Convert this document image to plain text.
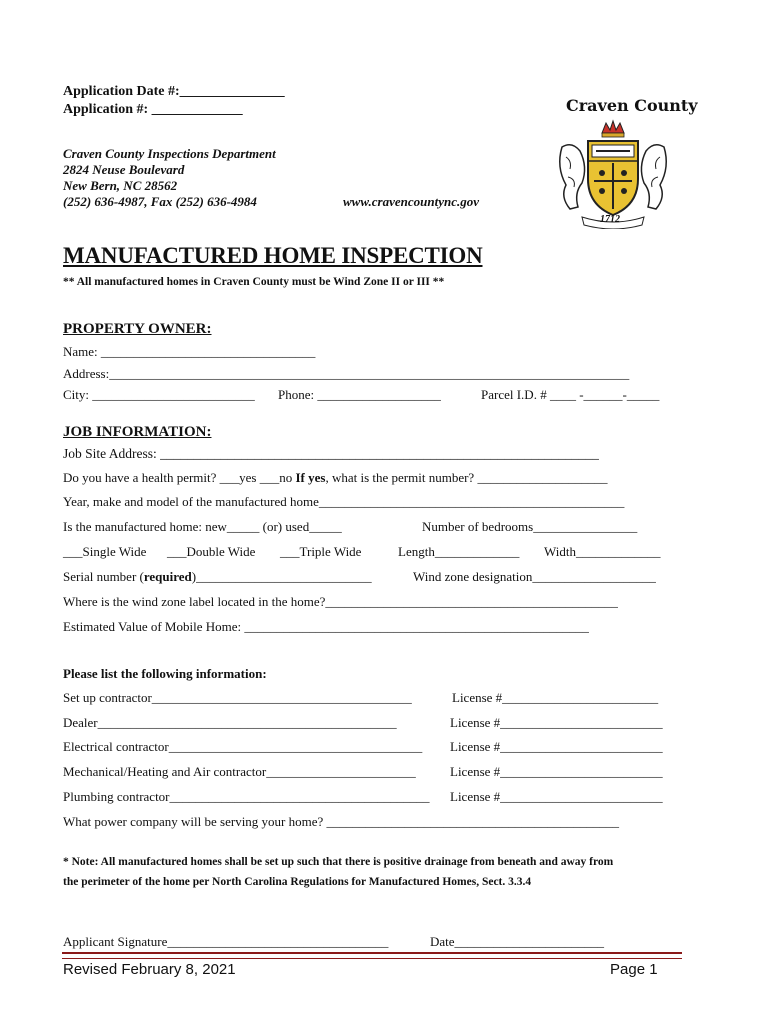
Application Date #:_______________
Application #: _____________
Craven County Inspections Department
2824 Neuse Boulevard
New Bern, NC 28562
(252) 636-4987, Fax (252) 636-4984	www.cravencountync.gov
Craven County
1712
MANUFACTURED HOME INSPECTION
** All manufactured homes in Craven County must be Wind Zone II or III **
PROPERTY OWNER:
Name: _________________________________
Address:________________________________________________________________________________
City: _________________________ Phone: ___________________	Parcel I.D. # ____ -______-_____
JOB INFORMATION:
Job Site Address: _________________________________________________________________
Do you have a health permit? ___yes ___no If yes, what is the permit number? ____________________
Year, make and model of the manufactured home_______________________________________________
Is the manufactured home: new_____ (or) used_____	Number of bedrooms________________
___Single Wide ___Double Wide ___Triple Wide	Length_____________ Width_____________
Serial number (required)___________________________	Wind zone designation___________________
Where is the wind zone label located in the home?_____________________________________________
Estimated Value of Mobile Home: _____________________________________________________
Please list the following information:
Set up contractor________________________________________	License #________________________
Dealer______________________________________________	License #_________________________
Electrical contractor_______________________________________ License #_________________________
Mechanical/Heating and Air contractor_______________________	License #_________________________
Plumbing contractor________________________________________ License #_________________________
What power company will be serving your home? _____________________________________________
* Note: All manufactured homes shall be set up such that there is positive drainage from beneath and away from
the perimeter of the home per North Carolina Regulations for Manufactured Homes, Sect. 3.3.4
Applicant Signature__________________________________	Date_______________________
Revised February 8, 2021	Page 1
